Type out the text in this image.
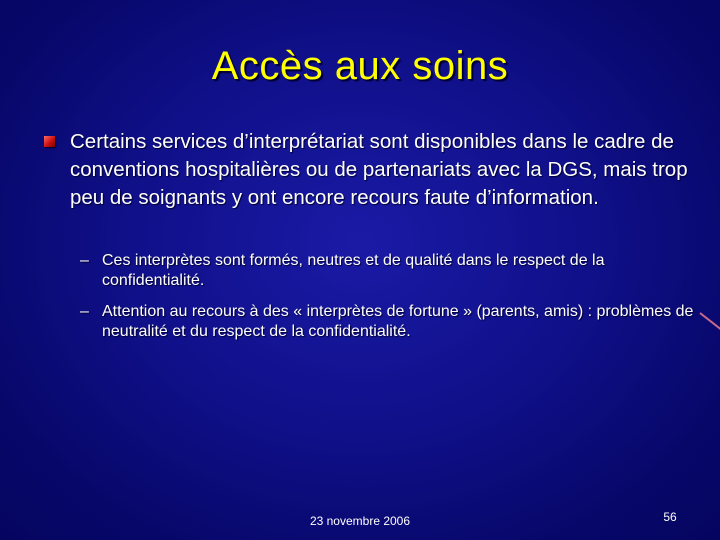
Accès aux soins
Certains services d’interprétariat sont disponibles dans le cadre de conventions hospitalières ou de partenariats avec la DGS, mais trop peu de soignants y ont encore recours faute d’information.
– Ces interprètes sont formés, neutres et de qualité dans le respect de la confidentialité.
– Attention au recours à des « interprètes de fortune » (parents, amis) : problèmes de neutralité et du respect de la confidentialité.
23 novembre 2006	56
